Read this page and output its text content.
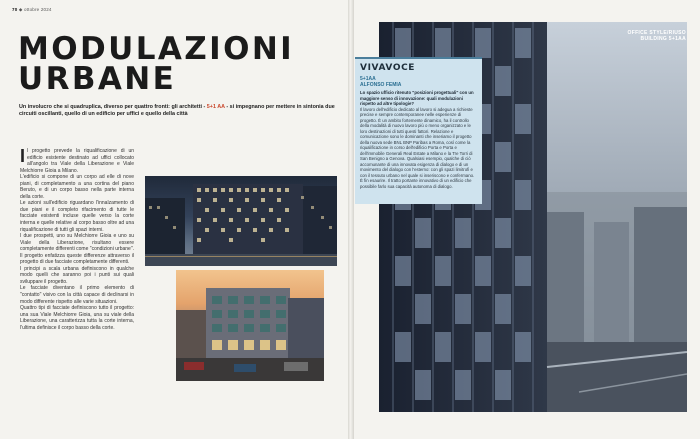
70 ◆ ottobre 2024
MODULAZIONI
URBANE
Un involucro che si quadruplica, diverso per quattro fronti: gli architetti - 5+1 AA - si impegnano per mettere in sintonia due circuiti oscillanti, quello di un edificio per uffici e quello della città
I l progetto prevede la riqualificazione di un edificio esistente destinato ad uffici collocato all'angolo tra Viale della Liberazione e Viale Melchiorre Gioia a Milano.

L'edificio si compone di un corpo ad elle di nove piani, di completamento a una cortina del piano Beruto, e di un corpo basso nella parte interna della corte.

Le azioni sull'edificio riguardano l'innalzamento di due piani e il completo rifacimento di tutte le facciate esistenti incluse quelle verso la corte interna e quelle relative al corpo basso oltre ad una riqualificazione di tutti gli spazi interni.

I due prospetti, uno su Melchiorre Gioia e uno su Viale della Liberazione, risultano essere completamente differenti come "condizioni urbane". Il progetto enfatizza queste differenze attraverso il progetto di due facciate completamente differenti.

I principi a scala urbana definiscono in qualche modo quelli che saranno poi i punti sui quali sviluppare il progetto.

Le facciate diventano il primo elemento di "contatto" visivo con la città capace di declinarsi in modo differente rispetto alle varie situazioni.

Quattro tipi di facciate definiscono tutto il progetto: una sua Viale Melchiorre Gioia, una su viale della Liberazione, una caratterizza tutta la corte interna, l'ultima definisce il corpo basso della corte.

OFFICE STYLE/RIUSO
BUILDING 5+1AA
VIVAVOCE
5+1AA
ALFONSO FEMIA
Lo spazio ufficio ritenuto "posizioni progettuali" con un maggiore senso di innovazione: quali modulazioni rispetto ad altre tipologie?
Il lavoro dell'edificio dedicato al lavoro si adegua a richieste precise e sempre contemporanee nelle esperienze di progetto. È un ambito fortemente dinamico, ha il controllo della modalità di nuovo lavoro più o meno organizzato e le loro destinazioni di tutti questi fattori. Relazione e comunicazione sono le dominanti che inseriamo il progetto della nuova sede BNL BNP Paribas a Roma, così come la riqualificazione in corso dell'edificio Porta e Porta e dell'immobile Generali Real Estate a Milano e la Tre Torri di San Benigno a Genova. Qualsiasi esempio, qualche di ciò accomunante di una innovata esigenza di dialogo e di un movimento del dialogo con l'esterno: con gli spazi limitrofi e con il tessuto urbano nel quale si inseriscono e confermano. È fin esaurire. Il tratto portante innovativo di un edificio che possibile farlo sua capacità autonoma di dialogo.
